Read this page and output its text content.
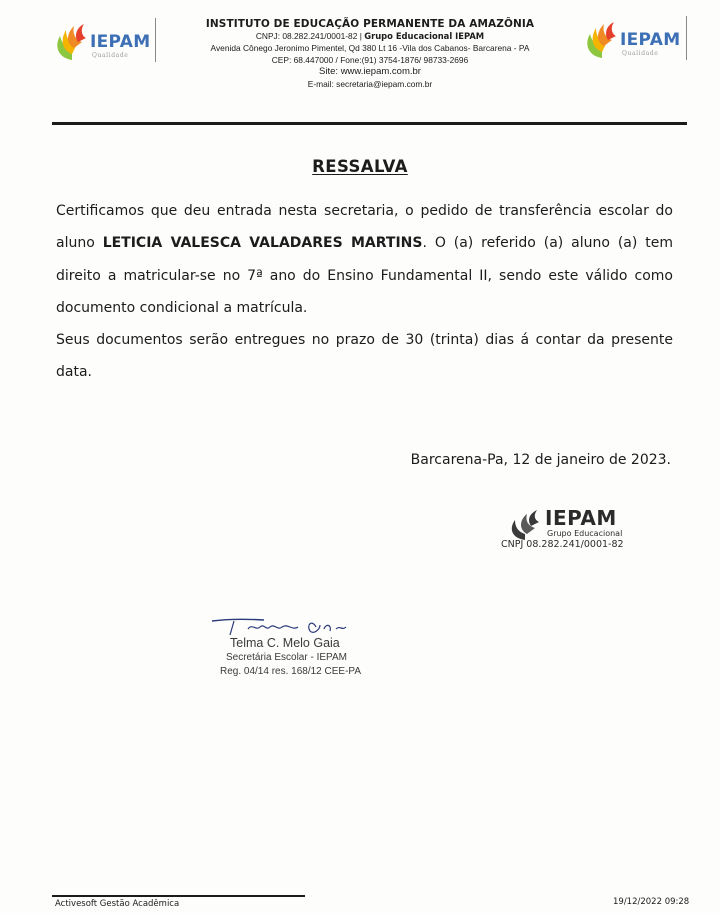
IEPAM
Qualidade
IEPAM
Qualidade
INSTITUTO DE EDUCAÇÃO PERMANENTE DA AMAZÔNIA
CNPJ: 08.282.241/0001-82 | Grupo Educacional IEPAM
Avenida Cônego Jeronimo Pimentel, Qd 380 Lt 16 -Vila dos Cabanos- Barcarena - PA
CEP: 68.447000 / Fone:(91) 3754-1876/ 98733-2696
Site: www.iepam.com.br
E-mail: secretaria@iepam.com.br
RESSALVA
Certificamos que deu entrada nesta secretaria, o pedido de transferência escolar do aluno LETICIA VALESCA VALADARES MARTINS. O (a) referido (a) aluno (a) tem direito a matricular-se no 7ª ano do Ensino Fundamental II, sendo este válido como documento condicional a matrícula.
Seus documentos serão entregues no prazo de 30 (trinta) dias á contar da presente data.
Barcarena-Pa, 12 de janeiro de 2023.
IEPAM
Grupo Educacional
CNPJ 08.282.241/0001-82
Telma C. Melo Gaia
Secretária Escolar - IEPAM
Reg. 04/14 res. 168/12 CEE-PA
Activesoft Gestão Acadêmica	19/12/2022 09:28
